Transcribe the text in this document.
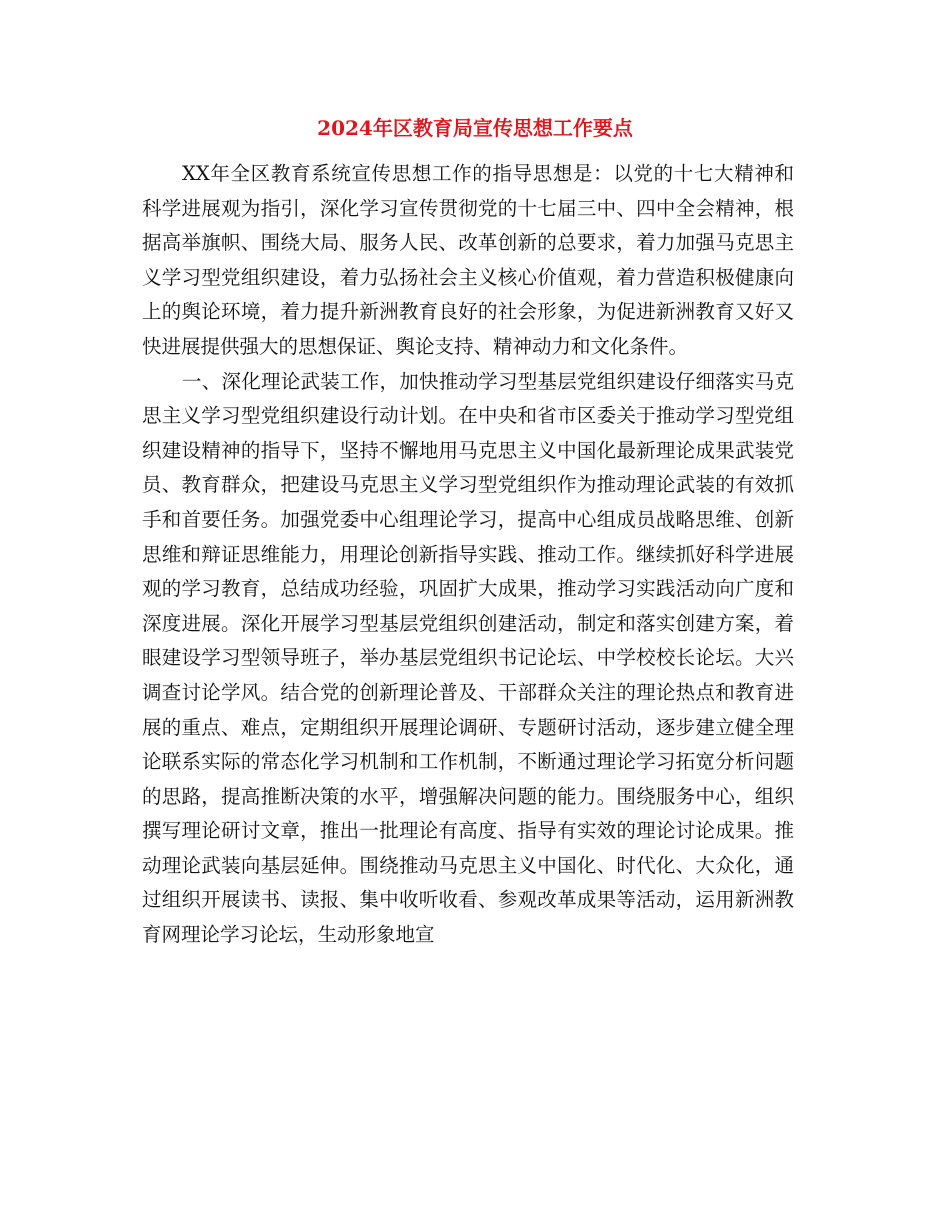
2024年区教育局宣传思想工作要点

XX年全区教育系统宣传思想工作的指导思想是：以党的十七大精神和科学进展观为指引，深化学习宣传贯彻党的十七届三中、四中全会精神，根据高举旗帜、围绕大局、服务人民、改革创新的总要求，着力加强马克思主义学习型党组织建设，着力弘扬社会主义核心价值观，着力营造积极健康向上的舆论环境，着力提升新洲教育良好的社会形象，为促进新洲教育又好又快进展提供强大的思想保证、舆论支持、精神动力和文化条件。

一、深化理论武装工作，加快推动学习型基层党组织建设仔细落实马克思主义学习型党组织建设行动计划。在中央和省市区委关于推动学习型党组织建设精神的指导下，坚持不懈地用马克思主义中国化最新理论成果武装党员、教育群众，把建设马克思主义学习型党组织作为推动理论武装的有效抓手和首要任务。加强党委中心组理论学习，提高中心组成员战略思维、创新思维和辩证思维能力，用理论创新指导实践、推动工作。继续抓好科学进展观的学习教育，总结成功经验，巩固扩大成果，推动学习实践活动向广度和深度进展。深化开展学习型基层党组织创建活动，制定和落实创建方案，着眼建设学习型领导班子，举办基层党组织书记论坛、中学校校长论坛。大兴调查讨论学风。结合党的创新理论普及、干部群众关注的理论热点和教育进展的重点、难点，定期组织开展理论调研、专题研讨活动，逐步建立健全理论联系实际的常态化学习机制和工作机制，不断通过理论学习拓宽分析问题的思路，提高推断决策的水平，增强解决问题的能力。围绕服务中心，组织撰写理论研讨文章，推出一批理论有高度、指导有实效的理论讨论成果。推动理论武装向基层延伸。围绕推动马克思主义中国化、时代化、大众化，通过组织开展读书、读报、集中收听收看、参观改革成果等活动，运用新洲教育网理论学习论坛，生动形象地宣
